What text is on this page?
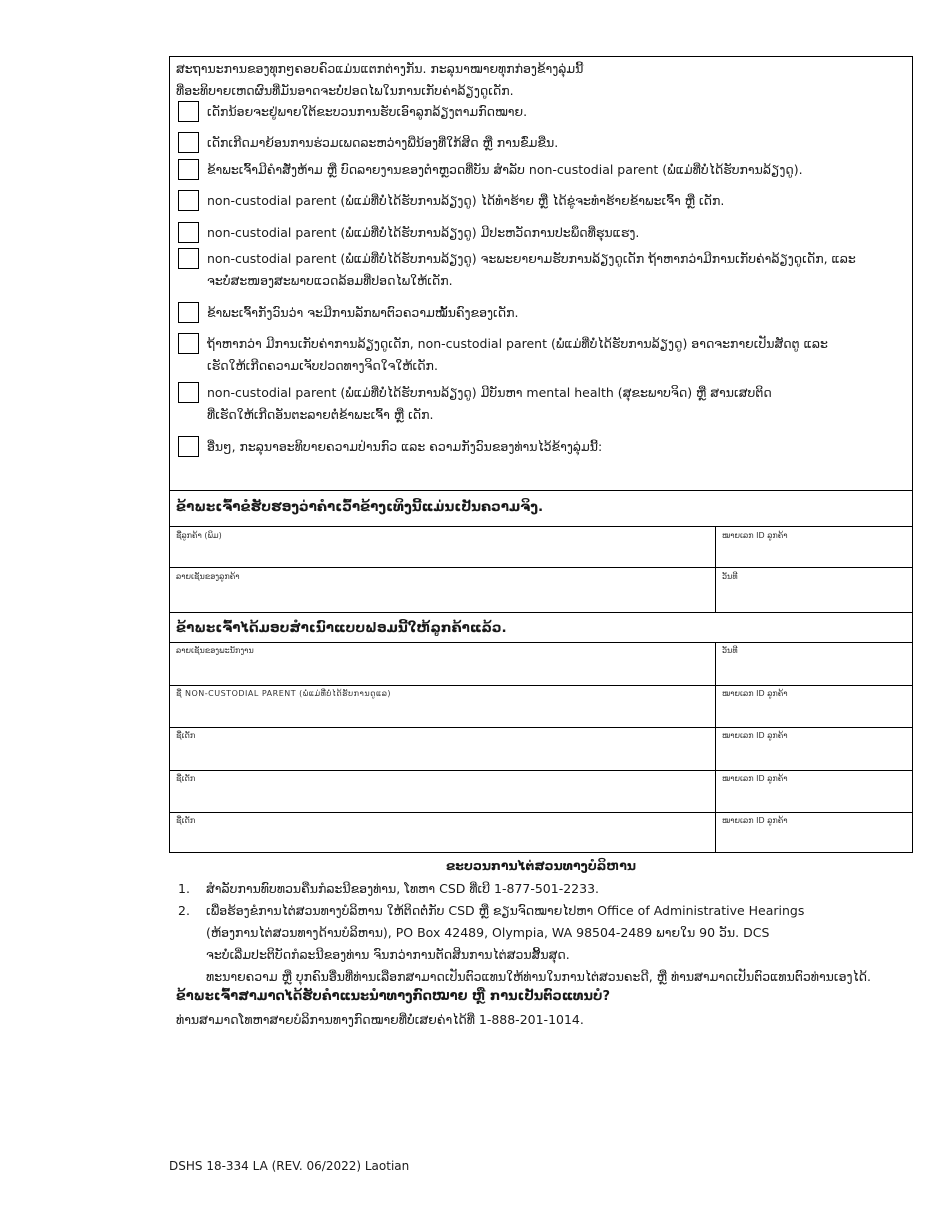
ສະຖານະການຂອງທຸກໆຄອບຄົວແມ່ນແຕກຕ່າງກັນ. ກະລຸນາໝາຍທຸກກ່ອງຂ້າງລຸ່ມນີ້
ທີ່ອະທິບາຍເຫດຜົນທີ່ມັນອາດຈະບໍ່ປອດໄພໃນການເກັບຄ່າລ້ຽງດູເດັກ.
ເດັກນ້ອຍຈະຢູ່ພາຍໃຕ້ຂະບວນການຮັບເອົາລູກລ້ຽງຕາມກົດໝາຍ.
ເດັກເກີດມາຍ້ອນການຮ່ວມເພດລະຫວ່າງພີ່ນ້ອງທີ່ໃກ້ສິດ ຫຼື ການຂົ່ມຂືນ.
ຂ້າພະເຈົ້າມີຄຳສັ່ງຫ້າມ ຫຼື ບົດລາຍງານຂອງຕຳຫຼວດທີ່ບັນ ສຳລັບ non-custodial parent (ພໍ່ແມ່ທີ່ບໍ່ໄດ້ຮັບການລ້ຽງດູ).
non-custodial parent (ພໍ່ແມ່ທີ່ບໍ່ໄດ້ຮັບການລ້ຽງດູ) ໄດ້ທຳຮ້າຍ ຫຼື ໄດ້ຂູ່ຈະທຳຮ້າຍຂ້າພະເຈົ້າ ຫຼື ເດັກ.
non-custodial parent (ພໍ່ແມ່ທີ່ບໍ່ໄດ້ຮັບການລ້ຽງດູ) ມີປະຫວັດການປະພຶດທີ່ຮຸນແຮງ.
non-custodial parent (ພໍ່ແມ່ທີ່ບໍ່ໄດ້ຮັບການລ້ຽງດູ) ຈະພະຍາຍາມຮັບການລ້ຽງດູເດັກ ຖ້າຫາກວ່າມີການເກັບຄ່າລ້ຽງດູເດັກ, ແລະ
ຈະບໍ່ສະໜອງສະພາບແວດລ້ອມທີ່ປອດໄພໃຫ້ເດັກ.
ຂ້າພະເຈົ້າກັງວົນວ່າ ຈະມີການລັກພາຕົວຄວາມໝັ້ນຄົງຂອງເດັກ.
ຖ້າຫາກວ່າ ມີການເກັບຄ່າການລ້ຽງດູເດັກ, non-custodial parent (ພໍ່ແມ່ທີ່ບໍ່ໄດ້ຮັບການລ້ຽງດູ) ອາດຈະກາຍເປັນສັດຕູ ແລະ
ເຮັດໃຫ້ເກີດຄວາມເຈັບປວດທາງຈິດໃຈໃຫ້ເດັກ.
non-custodial parent (ພໍ່ແມ່ທີ່ບໍ່ໄດ້ຮັບການລ້ຽງດູ) ມີບັນຫາ mental health (ສຸຂະພາບຈິດ) ຫຼື ສານເສບຕິດ
ທີ່ເຮັດໃຫ້ເກີດອັນຕະລາຍຕໍ່ຂ້າພະເຈົ້າ ຫຼື ເດັກ.
ອື່ນໆ, ກະລຸນາອະທິບາຍຄວາມປ່ານກົວ ແລະ ຄວາມກັງວົນຂອງທ່ານໄວ້ຂ້າງລຸ່ມນີ້:
ຂ້າພະເຈົ້າຂໍຮັບຮອງວ່າຄຳເວົ້າຂ້າງເທິງນີ້ແມ່ນເປັນຄວາມຈິງ.
ຊື່ລູກຄ້າ (ພິມ)	ໝາຍເລກ ID ລູກຄ້າ
ລາຍເຊັນຂອງລູກຄ້າ	ວັນທີ
ຂ້າພະເຈົ້າໄດ້ມອບສຳເນົາແບບຟອມນີ້ໃຫ້ລູກຄ້າແລ້ວ.
ລາຍເຊັນຂອງພະນັກງານ	ວັນທີ
ຊື່ NON-CUSTODIAL PARENT (ພໍ່ແມ່ທີ່ບໍ່ໄດ້ຮັບການດູແລ)	ໝາຍເລກ ID ລູກຄ້າ
ຊື່ເດັກ	ໝາຍເລກ ID ລູກຄ້າ
ຊື່ເດັກ	ໝາຍເລກ ID ລູກຄ້າ
ຊື່ເດັກ	ໝາຍເລກ ID ລູກຄ້າ
ຂະບວນການໄຕ່ສວນທາງບໍລິຫານ
1. ສຳລັບການທົບທວນຄືນກໍລະນີຂອງທ່ານ, ໂທຫາ CSD ທີ່ເບີ 1-877-501-2233.
2. ເພື່ອຮ້ອງຂໍການໄຕ່ສວນທາງບໍລິຫານ ໃຫ້ຕິດຕໍ່ກັບ CSD ຫຼື ຂຽນຈົດໝາຍໄປຫາ Office of Administrative Hearings
(ຫ້ອງການໄຕ່ສວນທາງດ້ານບໍລິຫານ), PO Box 42489, Olympia, WA 98504-2489 ພາຍໃນ 90 ວັນ. DCS
ຈະບໍ່ເລີ່ມປະຕິບັດກໍລະນີຂອງທ່ານ ຈົນກວ່າການຕັດສິນການໄຕ່ສວນສິ້ນສຸດ.
ທະນາຍຄວາມ ຫຼື ບຸກຄົນອື່ນທີ່ທ່ານເລືອກສາມາດເປັນຕົວແທນໃຫ້ທ່ານໃນການໄຕ່ສວນຄະດີ, ຫຼື ທ່ານສາມາດເປັນຕົວແທນຕົວທ່ານເອງໄດ້.
ຂ້າພະເຈົ້າສາມາດໄດ້ຮັບຄຳແນະນຳທາງກົດໝາຍ ຫຼື ການເປັນຕົວແທນບໍ?
ທ່ານສາມາດໂທຫາສາຍບໍລິການທາງກົດໝາຍທີ່ບໍ່ເສຍຄ່າໄດ້ທີ່ 1-888-201-1014.
DSHS 18-334 LA (REV. 06/2022) Laotian
